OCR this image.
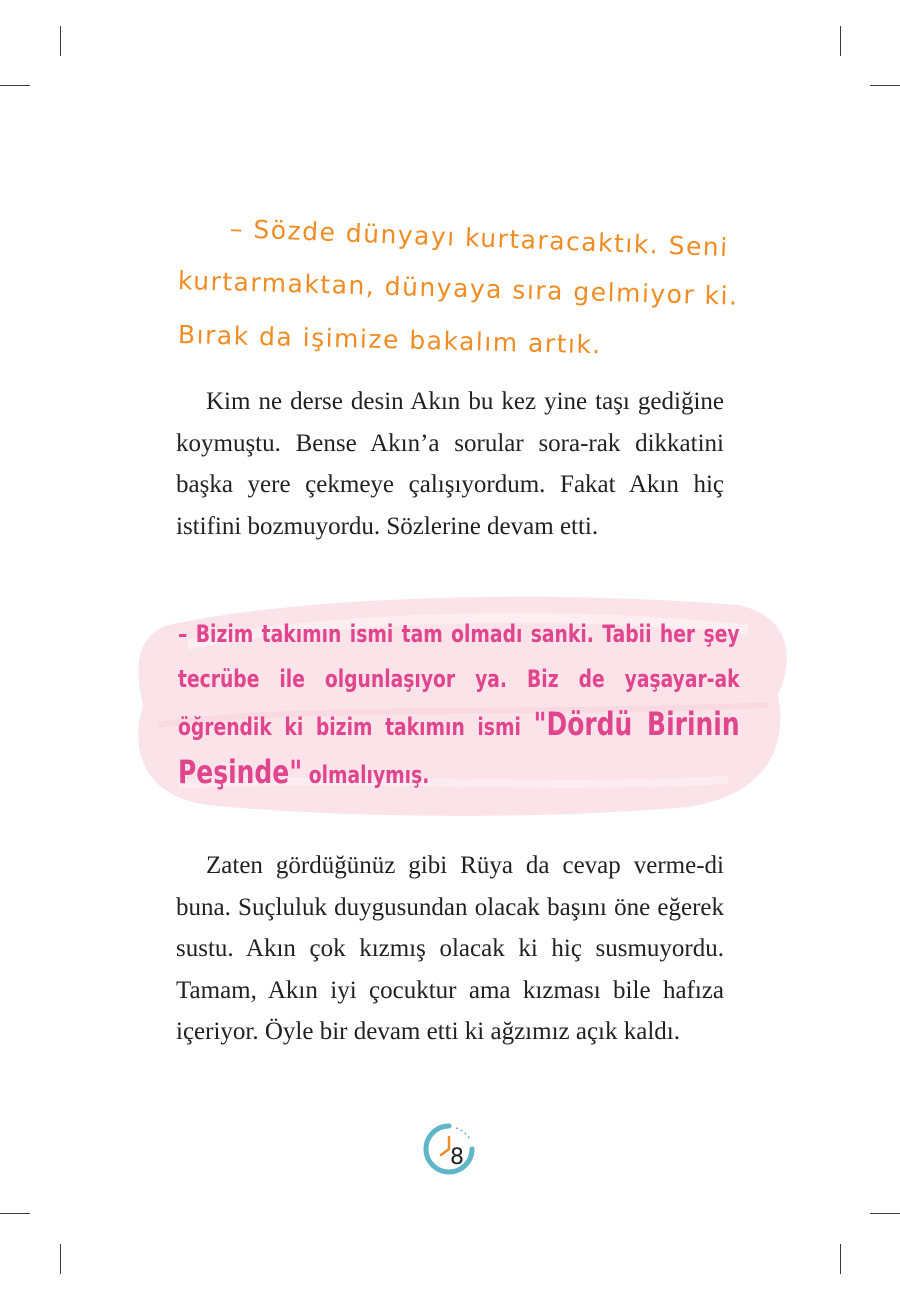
– Sözde dünyayı kurtaracaktık. Seni
kurtarmaktan, dünyaya sıra gelmiyor ki.
Bırak da işimize bakalım artık.

Kim ne derse desin Akın bu kez yine taşı gediğine koymuştu. Bense Akın’a sorular sora-rak dikkatini başka yere çekmeye çalışıyordum. Fakat Akın hiç istifini bozmuyordu. Sözlerine devam etti.

– Bizim takımın ismi tam olmadı sanki. Tabii her şey tecrübe ile olgunlaşıyor ya. Biz de yaşayar-ak öğrendik ki bizim takımın ismi "Dördü Birinin Peşinde" olmalıymış.

Zaten gördüğünüz gibi Rüya da cevap verme-di buna. Suçluluk duygusundan olacak başını öne eğerek sustu. Akın çok kızmış olacak ki hiç susmuyordu. Tamam, Akın iyi çocuktur ama kızması bile hafıza içeriyor. Öyle bir devam etti ki ağzımız açık kaldı.

8
